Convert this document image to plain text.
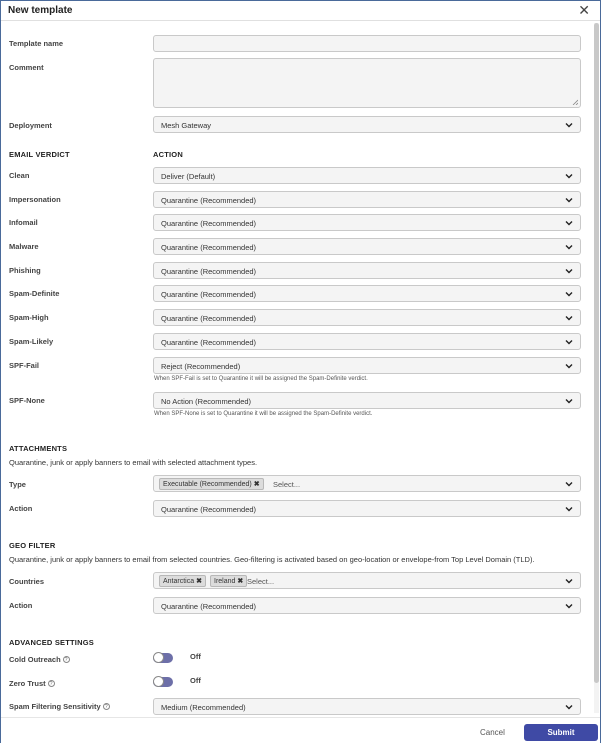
New template	✕
Template name
Comment
Deployment	Mesh Gateway
EMAIL VERDICT	ACTION
Clean	Deliver (Default)
Impersonation	Quarantine (Recommended)
Infomail	Quarantine (Recommended)
Malware	Quarantine (Recommended)
Phishing	Quarantine (Recommended)
Spam-Definite	Quarantine (Recommended)
Spam-High	Quarantine (Recommended)
Spam-Likely	Quarantine (Recommended)
SPF-Fail	Reject (Recommended)
When SPF-Fail is set to Quarantine it will be assigned the Spam-Definite verdict.
SPF-None	No Action (Recommended)
When SPF-None is set to Quarantine it will be assigned the Spam-Definite verdict.
ATTACHMENTS
Quarantine, junk or apply banners to email with selected attachment types.
Type	Executable (Recommended) ✖	Select...
Action	Quarantine (Recommended)
GEO FILTER
Quarantine, junk or apply banners to email from selected countries. Geo-filtering is activated based on geo-location or envelope-from Top Level Domain (TLD).
Countries	Antarctica ✖	Ireland ✖ Select...
Action	Quarantine (Recommended)
ADVANCED SETTINGS
Cold Outreach ?	Off
Zero Trust ?	Off
Spam Filtering Sensitivity ?	Medium (Recommended)
Cancel	Submit
